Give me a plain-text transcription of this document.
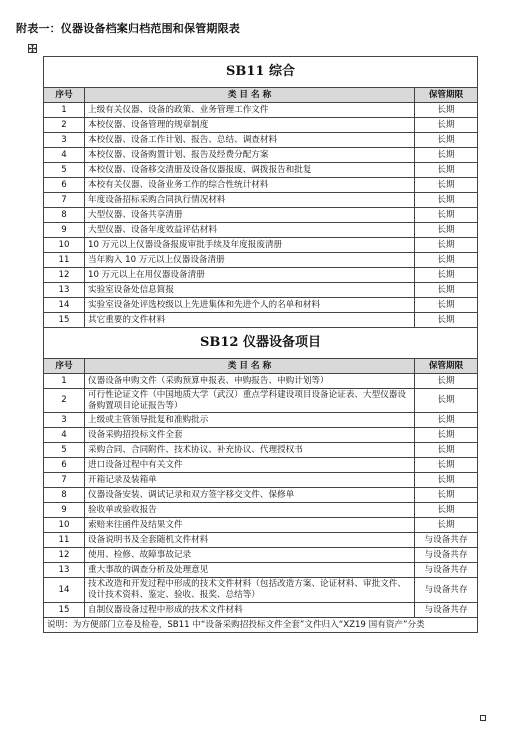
附表一：仪器设备档案归档范围和保管期限表
SB11 综合		
序号	类 目 名 称	保管期限
1	上级有关仪器、设备的政策、业务管理工作文件	长期
2	本校仪器、设备管理的规章制度	长期
3	本校仪器、设备工作计划、报告、总结、调查材料	长期
4	本校仪器、设备购置计划、报告及经费分配方案	长期
5	本校仪器、设备移交清册及设备仪器报废、调拨报告和批复	长期
6	本校有关仪器、设备业务工作的综合性统计材料	长期
7	年度设备招标采购合同执行情况材料	长期
8	大型仪器、设备共享清册	长期
9	大型仪器、设备年度效益评估材料	长期
10	10 万元以上仪器设备报废审批手续及年度报废清册	长期
11	当年购入 10 万元以上仪器设备清册	长期
12	10 万元以上在用仪器设备清册	长期
13	实验室设备处信息简报	长期
14	实验室设备处评选校级以上先进集体和先进个人的名单和材料	长期
15	其它重要的文件材料	长期
SB12 仪器设备项目		
序号	类 目 名 称	保管期限
1	仪器设备申购文件（采购预算申报表、申购报告、申购计划等）	长期
2	可行性论证文件（中国地质大学（武汉）重点学科建设项目设备论证表、大型仪器设备购置项目论证报告等）	长期
3	上级或主管领导批复和准购批示	长期
4	设备采购招投标文件全套	长期
5	采购合同、合同附件、技术协议、补充协议、代理授权书	长期
6	进口设备过程中有关文件	长期
7	开箱记录及装箱单	长期
8	仪器设备安装、调试记录和双方签字移交文件、保修单	长期
9	验收单或验收报告	长期
10	索赔来往函件及结果文件	长期
11	设备说明书及全套随机文件材料	与设备共存
12	使用、检修、故障事故记录	与设备共存
13	重大事故的调查分析及处理意见	与设备共存
14	技术改造和开发过程中形成的技术文件材料（包括改造方案、论证材料、审批文件、设计技术资料、鉴定、验收、报奖、总结等）	与设备共存
15	自制仪器设备过程中形成的技术文件材料	与设备共存
说明：为方便部门立卷及检卷，SB11 中“设备采购招投标文件全套”文件归入“XZ19 国有资产”分类		
